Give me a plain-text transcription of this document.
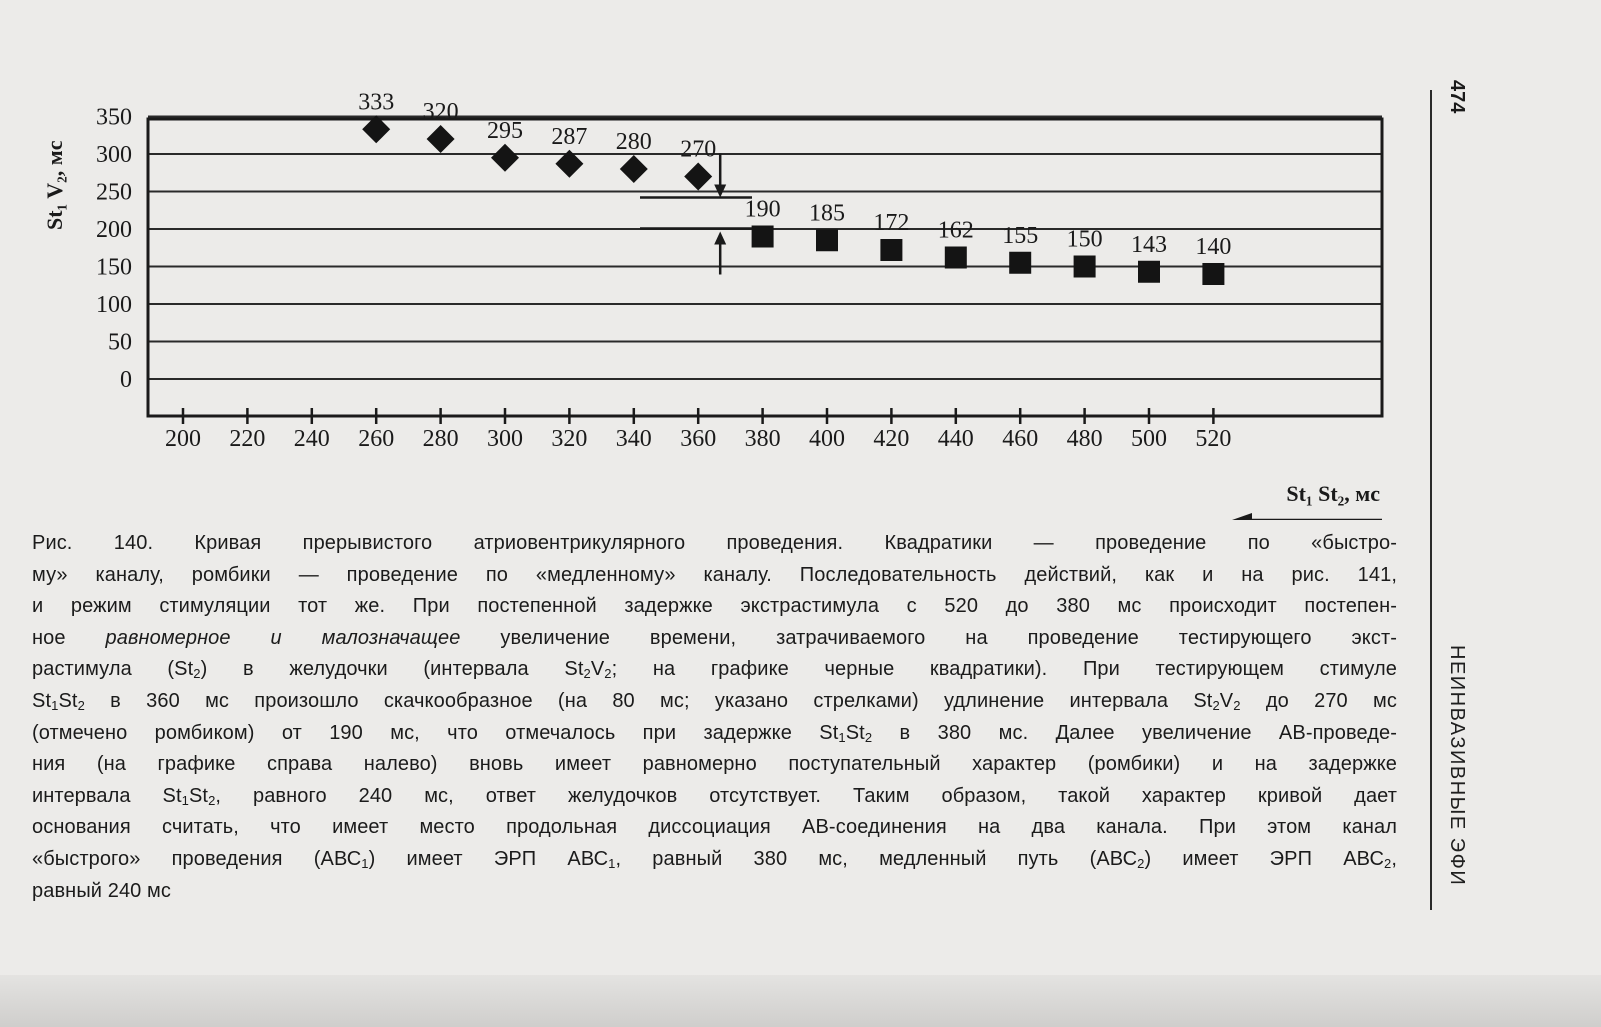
0
50
100
150
200
250
300
350
200 220 240 260 280 300 320 340 360 380 400 420 440 460 480 500 520
333 320
295 287 280 270
190 185 172 162 155 150 143 140
St₁ V₂, мс
St₁ St₂, мс
474
НЕИНВАЗИВНЫЕ ЭФИ
Рис. 140. Кривая прерывистого атриовентрикулярного проведения. Квадратики — проведение по «быстро-
му» каналу, ромбики — проведение по «медленному» каналу. Последовательность действий, как и на рис. 141,
и режим стимуляции тот же. При постепенной задержке экстрастимула с 520 до 380 мс происходит постепен-
ное равномерное и малозначащее увеличение времени, затрачиваемого на проведение тестирующего экст-
растимула $(St_2)$ в желудочки (интервала $St_2V_2$; на графике черные квадратики). При тестирующем стимуле
$St_1St_2$ в 360 мс произошло скачкообразное (на 80 мс; указано стрелками) удлинение интервала $St_2V_2$ до 270 мс
(отмечено ромбиком) от 190 мс, что отмечалось при задержке $St_1St_2$ в 380 мс. Далее увеличение АВ-проведе-
ния (на графике справа налево) вновь имеет равномерно поступательный характер (ромбики) и на задержке
интервала $St_1St_2$, равного 240 мс, ответ желудочков отсутствует. Таким образом, такой характер кривой дает
основания считать, что имеет место продольная диссоциация АВ-соединения на два канала. При этом канал
«быстрого» проведения $(АВС_1)$ имеет ЭРП $АВС_1$, равный 380 мс, медленный путь $(АВС_2)$ имеет ЭРП $АВС_2$,
равный 240 мс
